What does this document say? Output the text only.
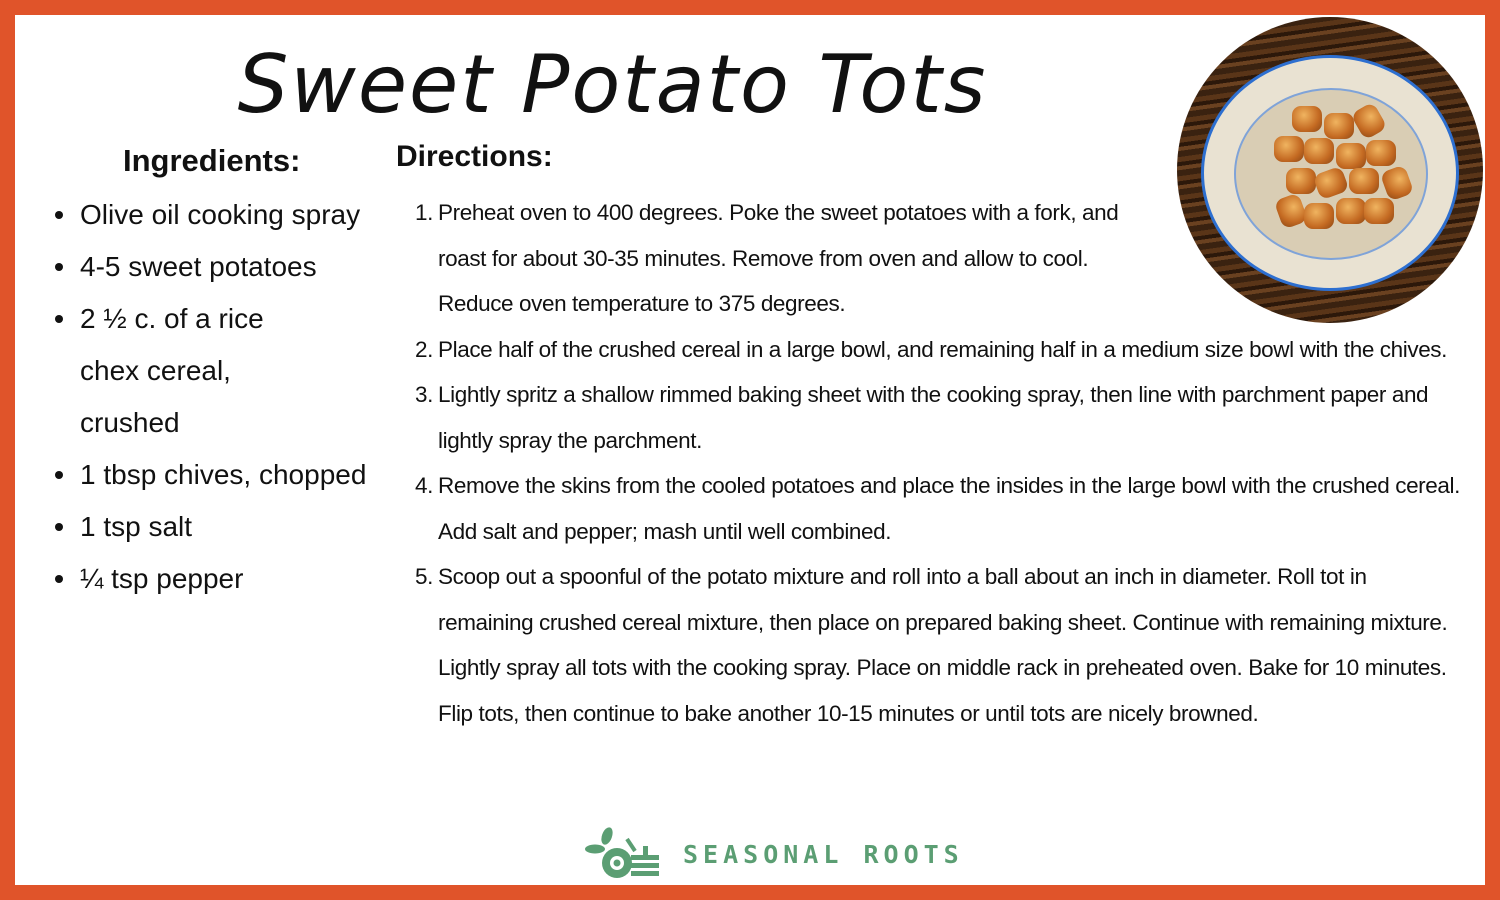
Sweet Potato Tots
Ingredients:
Olive oil cooking spray
4-5 sweet potatoes
2 ½ c. of a rice chex cereal, crushed
1 tbsp chives, chopped
1 tsp salt
¼ tsp pepper
Directions:
1. Preheat oven to 400 degrees. Poke the sweet potatoes with a fork, and roast for about 30-35 minutes. Remove from oven and allow to cool. Reduce oven temperature to 375 degrees.
2. Place half of the crushed cereal in a large bowl, and remaining half in a medium size bowl with the chives.
3. Lightly spritz a shallow rimmed baking sheet with the cooking spray, then line with parchment paper and lightly spray the parchment.
4. Remove the skins from the cooled potatoes and place the insides in the large bowl with the crushed cereal. Add salt and pepper; mash until well combined.
5. Scoop out a spoonful of the potato mixture and roll into a ball about an inch in diameter. Roll tot in remaining crushed cereal mixture, then place on prepared baking sheet. Continue with remaining mixture. Lightly spray all tots with the cooking spray. Place on middle rack in preheated oven. Bake for 10 minutes. Flip tots, then continue to bake another 10-15 minutes or until tots are nicely browned.
SEASONAL ROOTS
